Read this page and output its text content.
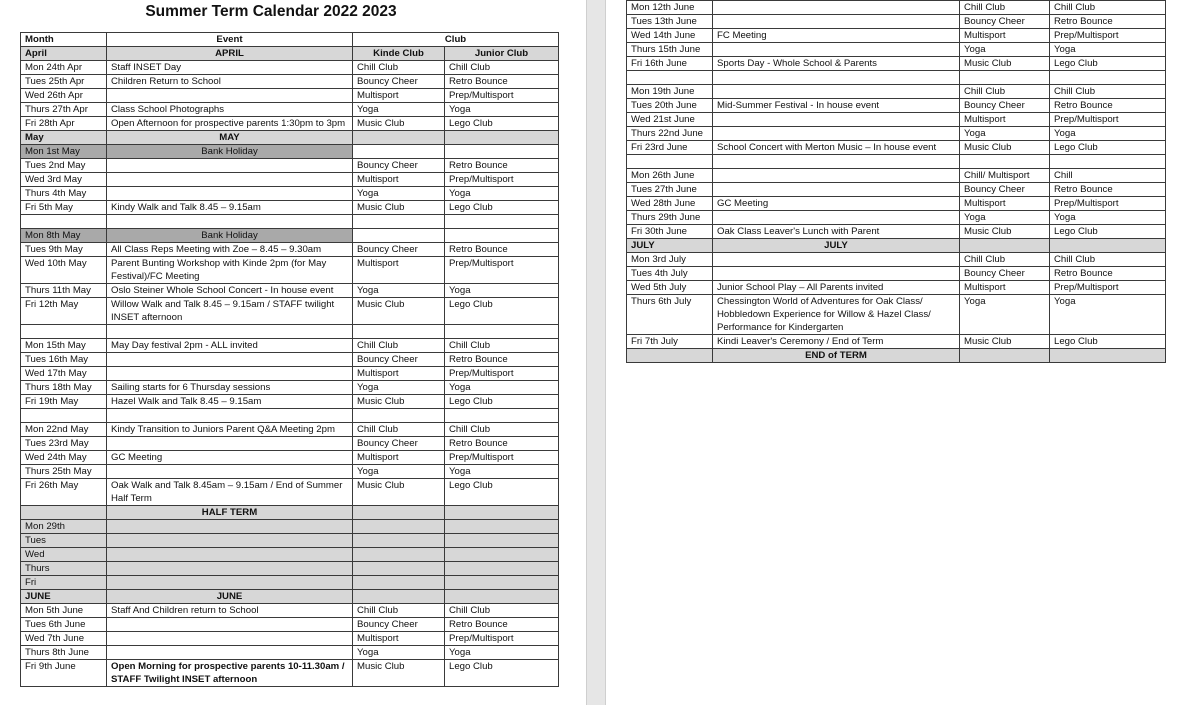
Summer Term Calendar 2022 2023
Month	Event	Club	
April	APRIL	Kinde Club	Junior Club
Mon 24th Apr	Staff INSET Day	Chill Club	Chill Club
Tues 25th Apr	Children Return to School	Bouncy Cheer	Retro Bounce
Wed 26th Apr		Multisport	Prep/Multisport
Thurs 27th Apr	Class School Photographs	Yoga	Yoga
Fri 28th Apr	Open Afternoon for prospective parents 1:30pm to 3pm	Music Club	Lego Club
May	MAY		
Mon 1st May	Bank Holiday		
Tues 2nd May		Bouncy Cheer	Retro Bounce
Wed 3rd May		Multisport	Prep/Multisport
Thurs 4th May		Yoga	Yoga
Fri 5th May	Kindy Walk and Talk 8.45 – 9.15am	Music Club	Lego Club

Mon 8th May	Bank Holiday		
Tues 9th May	All Class Reps Meeting with Zoe – 8.45 – 9.30am	Bouncy Cheer	Retro Bounce
Wed 10th May	Parent Bunting Workshop with Kinde 2pm (for May Festival)/FC Meeting	Multisport	Prep/Multisport
Thurs 11th May	Oslo Steiner Whole School Concert - In house event	Yoga	Yoga
Fri 12th May	Willow Walk and Talk 8.45 – 9.15am / STAFF twilight INSET afternoon	Music Club	Lego Club

Mon 15th May	May Day festival 2pm - ALL invited	Chill Club	Chill Club
Tues 16th May		Bouncy Cheer	Retro Bounce
Wed 17th May		Multisport	Prep/Multisport
Thurs 18th May	Sailing starts for 6 Thursday sessions	Yoga	Yoga
Fri 19th May	Hazel Walk and Talk 8.45 – 9.15am	Music Club	Lego Club

Mon 22nd May	Kindy Transition to Juniors Parent Q&A Meeting 2pm	Chill Club	Chill Club
Tues 23rd May		Bouncy Cheer	Retro Bounce
Wed 24th May	GC Meeting	Multisport	Prep/Multisport
Thurs 25th May		Yoga	Yoga
Fri 26th May	Oak Walk and Talk 8.45am – 9.15am / End of Summer Half Term	Music Club	Lego Club
	HALF TERM		
Mon 29th			
Tues			
Wed			
Thurs			
Fri			
JUNE	JUNE		
Mon 5th June	Staff And Children return to School	Chill Club	Chill Club
Tues 6th June		Bouncy Cheer	Retro Bounce
Wed 7th June		Multisport	Prep/Multisport
Thurs 8th June		Yoga	Yoga
Fri 9th June	Open Morning for prospective parents 10-11.30am / STAFF Twilight INSET afternoon	Music Club	Lego Club
Mon 12th June		Chill Club	Chill Club
Tues 13th June		Bouncy Cheer	Retro Bounce
Wed 14th June	FC Meeting	Multisport	Prep/Multisport
Thurs 15th June		Yoga	Yoga
Fri 16th June	Sports Day - Whole School & Parents	Music Club	Lego Club

Mon 19th June		Chill Club	Chill Club
Tues 20th June	Mid-Summer Festival - In house event	Bouncy Cheer	Retro Bounce
Wed 21st June		Multisport	Prep/Multisport
Thurs 22nd June		Yoga	Yoga
Fri 23rd June	School Concert with Merton Music – In house event	Music Club	Lego Club

Mon 26th June		Chill/ Multisport	Chill
Tues 27th June		Bouncy Cheer	Retro Bounce
Wed 28th June	GC Meeting	Multisport	Prep/Multisport
Thurs 29th June		Yoga	Yoga
Fri 30th June	Oak Class Leaver's Lunch with Parent	Music Club	Lego Club
JULY	JULY		
Mon 3rd July		Chill Club	Chill Club
Tues 4th July		Bouncy Cheer	Retro Bounce
Wed 5th July	Junior School Play – All Parents invited	Multisport	Prep/Multisport
Thurs 6th July	Chessington World of Adventures for Oak Class/ Hobbledown Experience for Willow & Hazel Class/ Performance for Kindergarten	Yoga	Yoga
Fri 7th July	Kindi Leaver's Ceremony / End of Term	Music Club	Lego Club
	END of TERM		
